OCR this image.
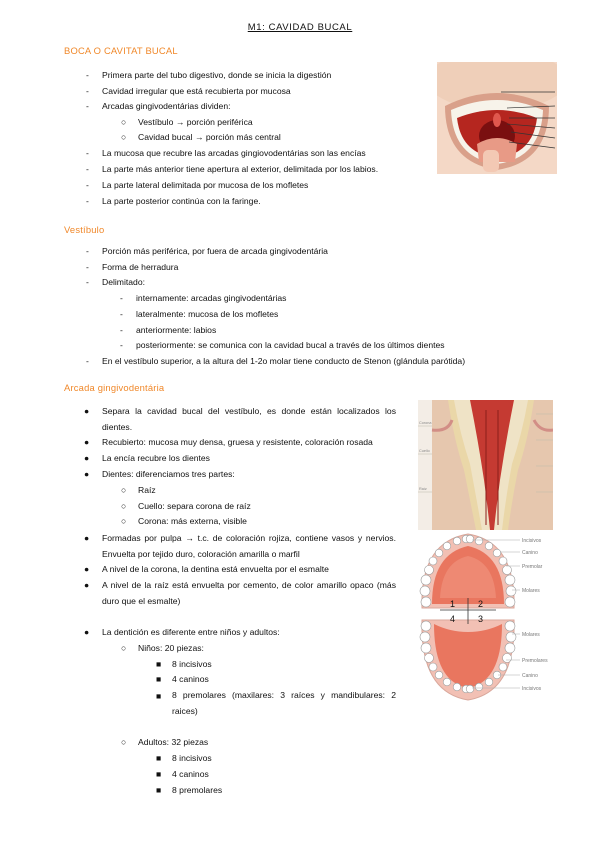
M1: CAVIDAD BUCAL
BOCA O CAVITAT BUCAL
- Primera parte del tubo digestivo, donde se inicia la digestión
- Cavidad irregular que está recubierta por mucosa
- Arcadas gingivodentárias dividen:
○ Vestíbulo → porción periférica
○ Cavidad bucal → porción más central
- La mucosa que recubre las arcadas gingiovodentárias son las encías
- La parte más anterior tiene apertura al exterior, delimitada por los labios.
- La parte lateral delimitada por mucosa de los mofletes
- La parte posterior continúa con la faringe.
Vestíbulo
- Porción más periférica, por fuera de arcada gingivodentária
- Forma de herradura
- Delimitado:
- internamente: arcadas gingivodentárias
- lateralmente: mucosa de los mofletes
- anteriormente: labios
- posteriormente: se comunica con la cavidad bucal a través de los últimos dientes
- En el vestíbulo superior, a la altura del 1-2o molar tiene conducto de Stenon (glándula parótida)
Arcada gingivodentária
● Separa la cavidad bucal del vestíbulo, es donde están localizados los dientes.
● Recubierto: mucosa muy densa, gruesa y resistente, coloración rosada
● La encía recubre los dientes
● Dientes: diferenciamos tres partes:
○ Raíz
○ Cuello: separa corona de raíz
○ Corona: más externa, visible
● Formadas por pulpa → t.c. de coloración rojiza, contiene vasos y nervios. Envuelta por tejido duro, coloración amarilla o marfil
● A nivel de la corona, la dentina está envuelta por el esmalte
● A nivel de la raíz está envuelta por cemento, de color amarillo opaco (más duro que el esmalte)
● La dentición es diferente entre niños y adultos:
○ Niños: 20 piezas:
■ 8 incisivos
■ 4 caninos
■ 8 premolares (maxilares: 3 raíces y mandibulares: 2 raices)
○ Adultos: 32 piezas
■ 8 incisivos
■ 4 caninos
■ 8 premolares
Corona
Cuello
Raíz
1	2
4	3
Incisivos
Canino
Premolar
Molares
Molares
Premolares
Canino
Incisivos
